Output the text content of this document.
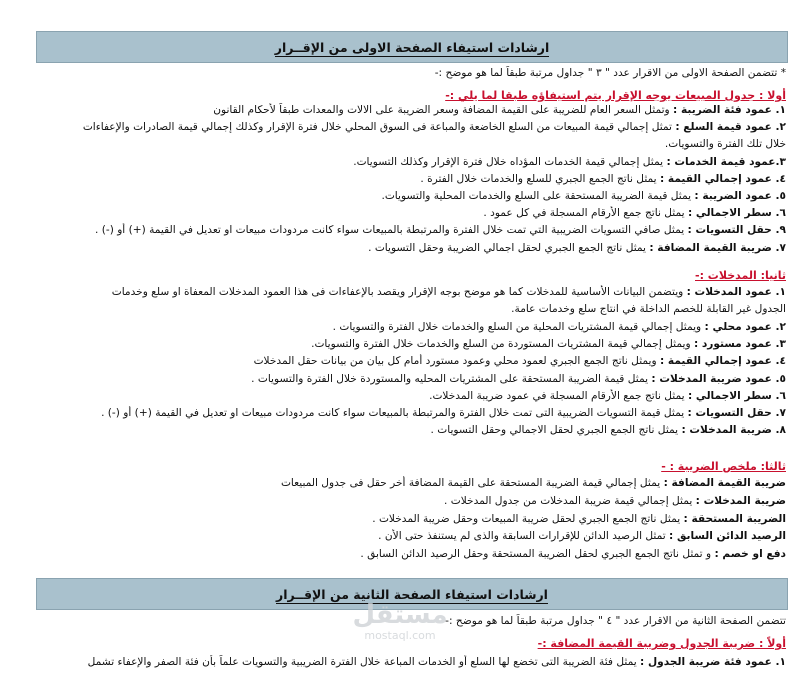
ارشادات استيفاء الصفحة الاولى من الإقــرار
* تتضمن الصفحة الاولى من الاقرار عدد " ٣ " جداول مرتبة طبقاً لما هو موضح :-
أولا : جدول المبيعات يوجه الإقرار يتم استيفاؤه طبقا لما يلي :-
١. عمود فئة الضريبة : وتمثل السعر العام للضريبة على القيمة المضافة وسعر الضريبة على الالات والمعدات طبقاً لأحكام القانون
٢. عمود قيمة السلع : تمثل إجمالي قيمة المبيعات من السلع الخاضعة والمباعة فى السوق المحلي خلال فترة الإقرار وكذلك إجمالي قيمة الصادرات والإعفاءات
خلال تلك الفترة والتسويات.
٣.عمود قيمة الخدمات : يمثل إجمالي قيمة الخدمات المؤداه خلال فترة الإقرار وكذلك التسويات.
٤. عمود إجمالي القيمة : يمثل ناتج الجمع الجبري للسلع والخدمات خلال الفترة .
٥. عمود الضريبة : يمثل قيمة الضريبة المستحقة على السلع والخدمات المحلية والتسويات.
٦. سطر الاجمالي : يمثل ناتج جمع الأرقام المسجلة في كل عمود .
٩. حقل التسويات : يمثل صافي التسويات الضريبية التي تمت خلال الفترة والمرتبطة بالمبيعات سواء كانت مردودات مبيعات او تعديل في القيمة (+) أو (-) .
٧. ضريبة القيمة المضافة : يمثل ناتج الجمع الجبري لحقل اجمالي الضريبة وحقل التسويات .
ثانيا: المدخلات :-
١. عمود المدخلات : ويتضمن البيانات الأساسية للمدخلات كما هو موضح بوجه الإقرار ويقصد بالإعفاءات فى هذا العمود المدخلات المعفاة او سلع وخدمات
الجدول غير القابلة للخصم الداخلة في انتاج سلع وخدمات عامة.
٢. عمود محلي : ويمثل إجمالي قيمة المشتريات المحلية من السلع والخدمات خلال الفترة والتسويات .
٣. عمود مستورد : ويمثل إجمالي قيمة المشتريات المستوردة من السلع والخدمات خلال الفترة والتسويات.
٤. عمود إجمالي القيمة : ويمثل ناتج الجمع الجبري لعمود محلي وعمود مستورد أمام كل بيان من بيانات حقل المدخلات
٥. عمود ضريبة المدخلات : يمثل قيمة الضريبة المستحقة على المشتريات المحليه والمستوردة خلال الفترة والتسويات .
٦. سطر الاجمالي : يمثل ناتج جمع الأرقام المسجلة في عمود ضريبة المدخلات.
٧. حقل التسويات : يمثل قيمة التسويات الضريبية التى تمت خلال الفترة والمرتبطة بالمبيعات سواء كانت مردودات مبيعات او تعديل في القيمة (+) أو (-) .
٨. ضريبة المدخلات : يمثل ناتج الجمع الجبري لحقل الاجمالي وحقل التسويات .
ثالثا: ملخص الضريبة : -
ضريبة القيمة المضافة : يمثل إجمالي قيمة الضريبة المستحقة على القيمة المضافة أخر حقل فى جدول المبيعات
ضريبة المدخلات : يمثل إجمالي قيمة ضريبة المدخلات من جدول المدخلات .
الضريبة المستحقة : يمثل ناتج الجمع الجبري لحقل ضريبة المبيعات وحقل ضريبة المدخلات .
الرصيد الدائن السابق : تمثل الرصيد الدائن للإقرارات السابقة والذى لم يستنفذ حتى الأن .
دفع او خصم : و تمثل ناتج الجمع الجبري لحقل الضريبة المستحقة وحقل الرصيد الدائن السابق .
ارشادات استيفاء الصفحة الثانية من الإقــرار
تتضمن الصفحة الثانية من الاقرار عدد " ٤ " جداول مرتبة طبقاً لما هو موضح :-
أولاً : ضريبة الجدول وضريبة القيمة المضافة :-
١. عمود فئة ضريبة الجدول : يمثل فئة الضريبة التى تخضع لها السلع أو الخدمات المباعة خلال الفترة الضريبية والتسويات علماً بأن فئة الصفر والإعفاء تشمل
مستقل
mostaql.com
